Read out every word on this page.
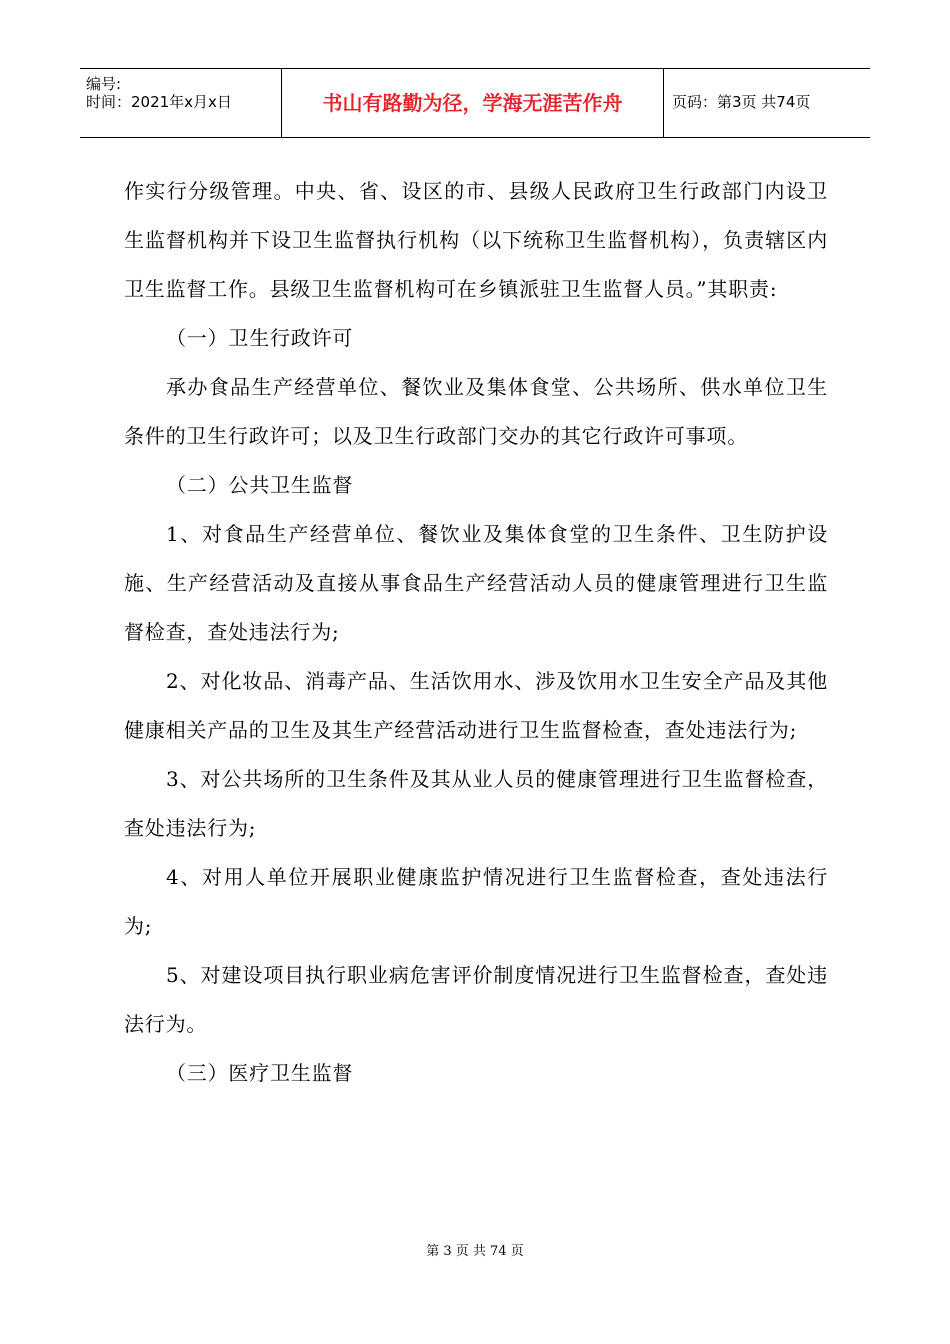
编号:
时间：2021年x月x日	书山有路勤为径，学海无涯苦作舟	页码：第3页 共74页

作实行分级管理。中央、省、设区的市、县级人民政府卫生行政部门内设卫生监督机构并下设卫生监督执行机构（以下统称卫生监督机构），负责辖区内卫生监督工作。县级卫生监督机构可在乡镇派驻卫生监督人员。”其职责:

（一）卫生行政许可

承办食品生产经营单位、餐饮业及集体食堂、公共场所、供水单位卫生条件的卫生行政许可；以及卫生行政部门交办的其它行政许可事项。

（二）公共卫生监督

1、对食品生产经营单位、餐饮业及集体食堂的卫生条件、卫生防护设施、生产经营活动及直接从事食品生产经营活动人员的健康管理进行卫生监督检查，查处违法行为;

2、对化妆品、消毒产品、生活饮用水、涉及饮用水卫生安全产品及其他健康相关产品的卫生及其生产经营活动进行卫生监督检查，查处违法行为;

3、对公共场所的卫生条件及其从业人员的健康管理进行卫生监督检查，查处违法行为;

4、对用人单位开展职业健康监护情况进行卫生监督检查，查处违法行为;

5、对建设项目执行职业病危害评价制度情况进行卫生监督检查，查处违法行为。

（三）医疗卫生监督

第 3 页 共 74 页
